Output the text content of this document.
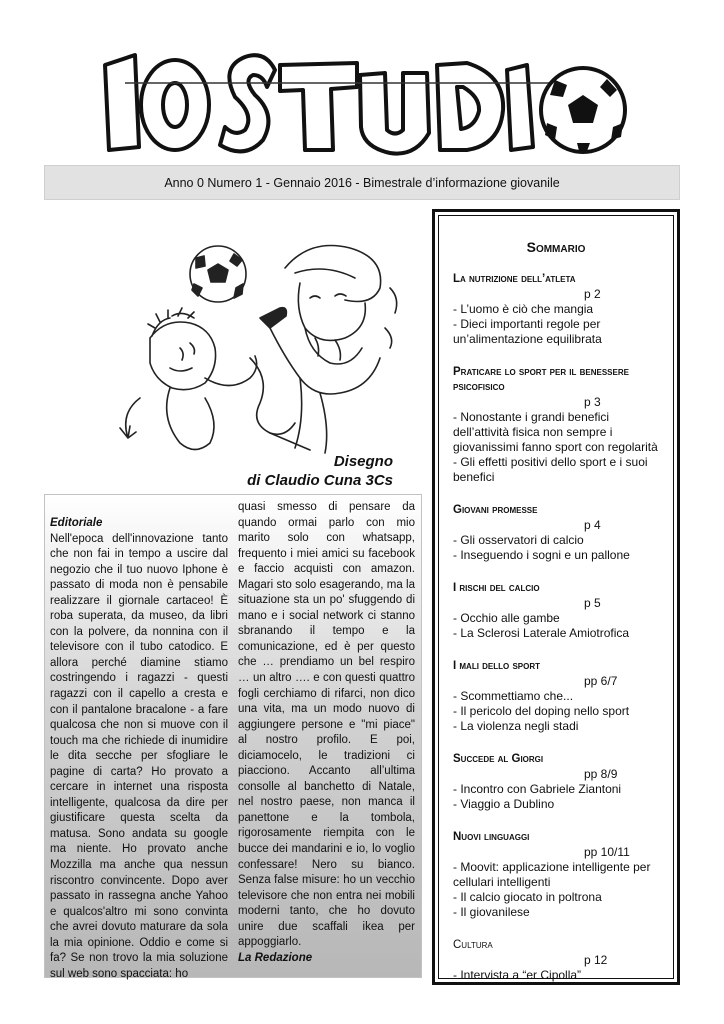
Anno 0 Numero 1 - Gennaio 2016 - Bimestrale d’informazione giovanile
Disegno
di Claudio Cuna 3Cs
Editoriale
Nell'epoca dell'innovazione tanto che non fai in tempo a uscire dal negozio che il tuo nuovo Iphone è passato di moda non è pensabile realizzare il giornale cartaceo! È roba superata, da museo, da libri con la polvere, da nonnina con il televisore con il tubo catodico. E allora perché diamine stiamo costringendo i ragazzi - questi ragazzi con il capello a cresta e con il pantalone bracalone - a fare qualcosa che non si muove con il touch ma che richiede di inumidire le dita secche per sfogliare le pagine di carta? Ho provato a cercare in internet una risposta intelligente, qualcosa da dire per giustificare questa scelta da matusa. Sono andata su google ma niente. Ho provato anche Mozzilla ma anche qua nessun riscontro convincente. Dopo aver passato in rassegna anche Yahoo e qualcos'altro mi sono convinta che avrei dovuto maturare da sola la mia opinione. Oddio e come si fa? Se non trovo la mia soluzione sul web sono spacciata: ho
quasi smesso di pensare da quando ormai parlo con mio marito solo con whatsapp, frequento i miei amici su facebook e faccio acquisti con amazon. Magari sto solo esagerando, ma la situazione sta un po' sfuggendo di mano e i social network ci stanno sbranando il tempo e la comunicazione, ed è per questo che … prendiamo un bel respiro … un altro …. e con questi quattro fogli cerchiamo di rifarci, non dico una vita, ma un modo nuovo di aggiungere persone e "mi piace" al nostro profilo. E poi, diciamocelo, le tradizioni ci piacciono. Accanto all’ultima consolle al banchetto di Natale, nel nostro paese, non manca il panettone e la tombola, rigorosamente riempita con le bucce dei mandarini e io, lo voglio confessare! Nero su bianco. Senza false misure: ho un vecchio televisore che non entra nei mobili moderni tanto, che ho dovuto unire due scaffali ikea per appoggiarlo.
La Redazione
Sommario
La nutrizione dell’atleta
p 2
- L’uomo è ciò che mangia
- Dieci importanti regole per un’alimentazione equilibrata
Praticare lo sport per il benessere psicofisico
p 3
- Nonostante i grandi benefici dell’attività fisica non sempre i giovanissimi fanno sport con regolarità
- Gli effetti positivi dello sport e i suoi benefici
Giovani promesse
p 4
- Gli osservatori di calcio
- Inseguendo i sogni e un pallone
I rischi del calcio
p 5
- Occhio alle gambe
- La Sclerosi Laterale Amiotrofica
I mali dello sport
pp 6/7
- Scommettiamo che...
- Il pericolo del doping nello sport
- La violenza negli stadi
Succede al Giorgi
pp 8/9
- Incontro con Gabriele Ziantoni
- Viaggio a Dublino
Nuovi linguaggi
pp 10/11
- Moovit: applicazione intelligente per cellulari intelligenti
- Il calcio giocato in poltrona
- Il giovanilese
Cultura
p 12
- Intervista a “er Cipolla”
